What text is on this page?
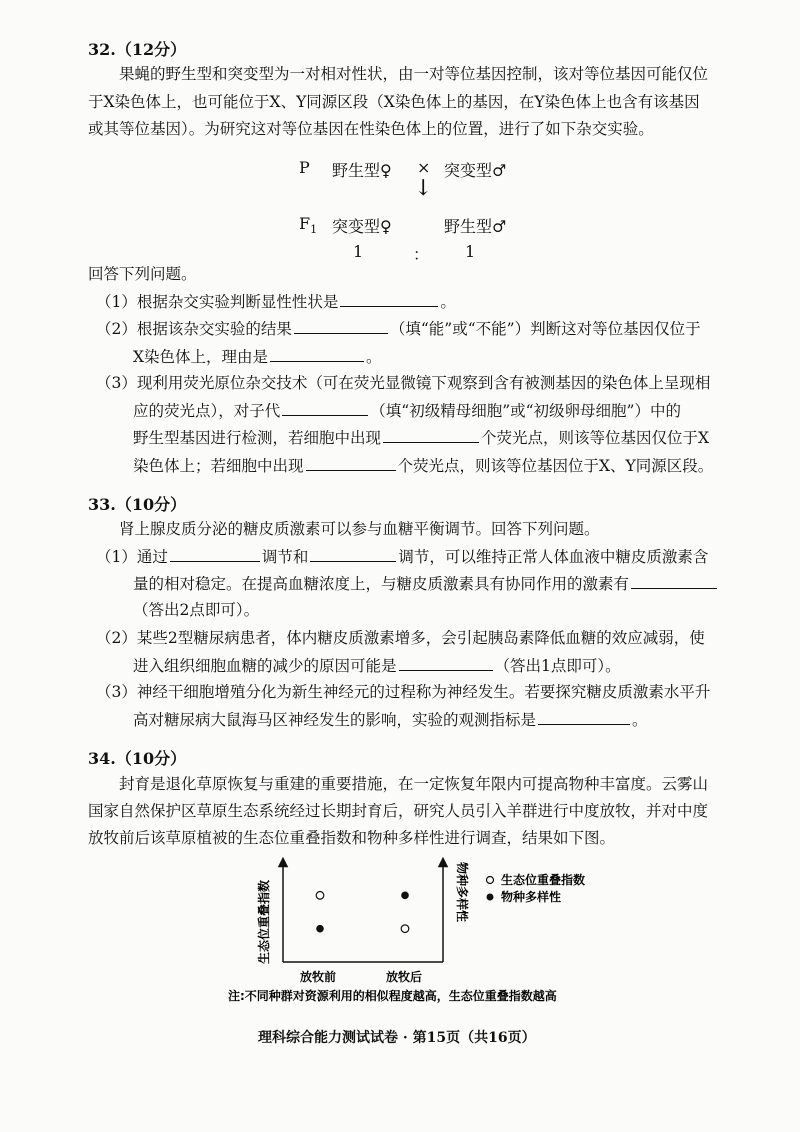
32.（12分）
果蝇的野生型和突变型为一对相对性状，由一对等位基因控制，该对等位基因可能仅位
于X染色体上，也可能位于X、Y同源区段（X染色体上的基因，在Y染色体上也含有该基因
或其等位基因）。为研究这对等位基因在性染色体上的位置，进行了如下杂交实验。
P 野生型♀ × 突变型♂
↓
$F_1$ 突变型♀	野生型♂
1	： 1
回答下列问题。
（1）根据杂交实验判断显性性状是	。
（2）根据该杂交实验的结果	（填“能”或“不能”）判断这对等位基因仅位于
X染色体上，理由是	。
（3）现利用荧光原位杂交技术（可在荧光显微镜下观察到含有被测基因的染色体上呈现相
应的荧光点），对子代	（填“初级精母细胞”或“初级卵母细胞”）中的
野生型基因进行检测，若细胞中出现	个荧光点，则该等位基因仅位于X
染色体上；若细胞中出现	个荧光点，则该等位基因位于X、Y同源区段。
33.（10分）
肾上腺皮质分泌的糖皮质激素可以参与血糖平衡调节。回答下列问题。
（1）通过	调节和	调节，可以维持正常人体血液中糖皮质激素含
量的相对稳定。在提高血糖浓度上，与糖皮质激素具有协同作用的激素有
（答出2点即可）。
（2）某些2型糖尿病患者，体内糖皮质激素增多，会引起胰岛素降低血糖的效应减弱，使
进入组织细胞血糖的减少的原因可能是	（答出1点即可）。
（3）神经干细胞增殖分化为新生神经元的过程称为神经发生。若要探究糖皮质激素水平升
高对糖尿病大鼠海马区神经发生的影响，实验的观测指标是	。
34.（10分）
封育是退化草原恢复与重建的重要措施，在一定恢复年限内可提高物种丰富度。云雾山
国家自然保护区草原生态系统经过长期封育后，研究人员引入羊群进行中度放牧，并对中度
放牧前后该草原植被的生态位重叠指数和物种多样性进行调查，结果如下图。
生态位重叠指数	物种多样性
放牧前	放牧后
生态位重叠指数
物种多样性
注:不同种群对资源利用的相似程度越高，生态位重叠指数越高
理科综合能力测试试卷 · 第15页（共16页）
